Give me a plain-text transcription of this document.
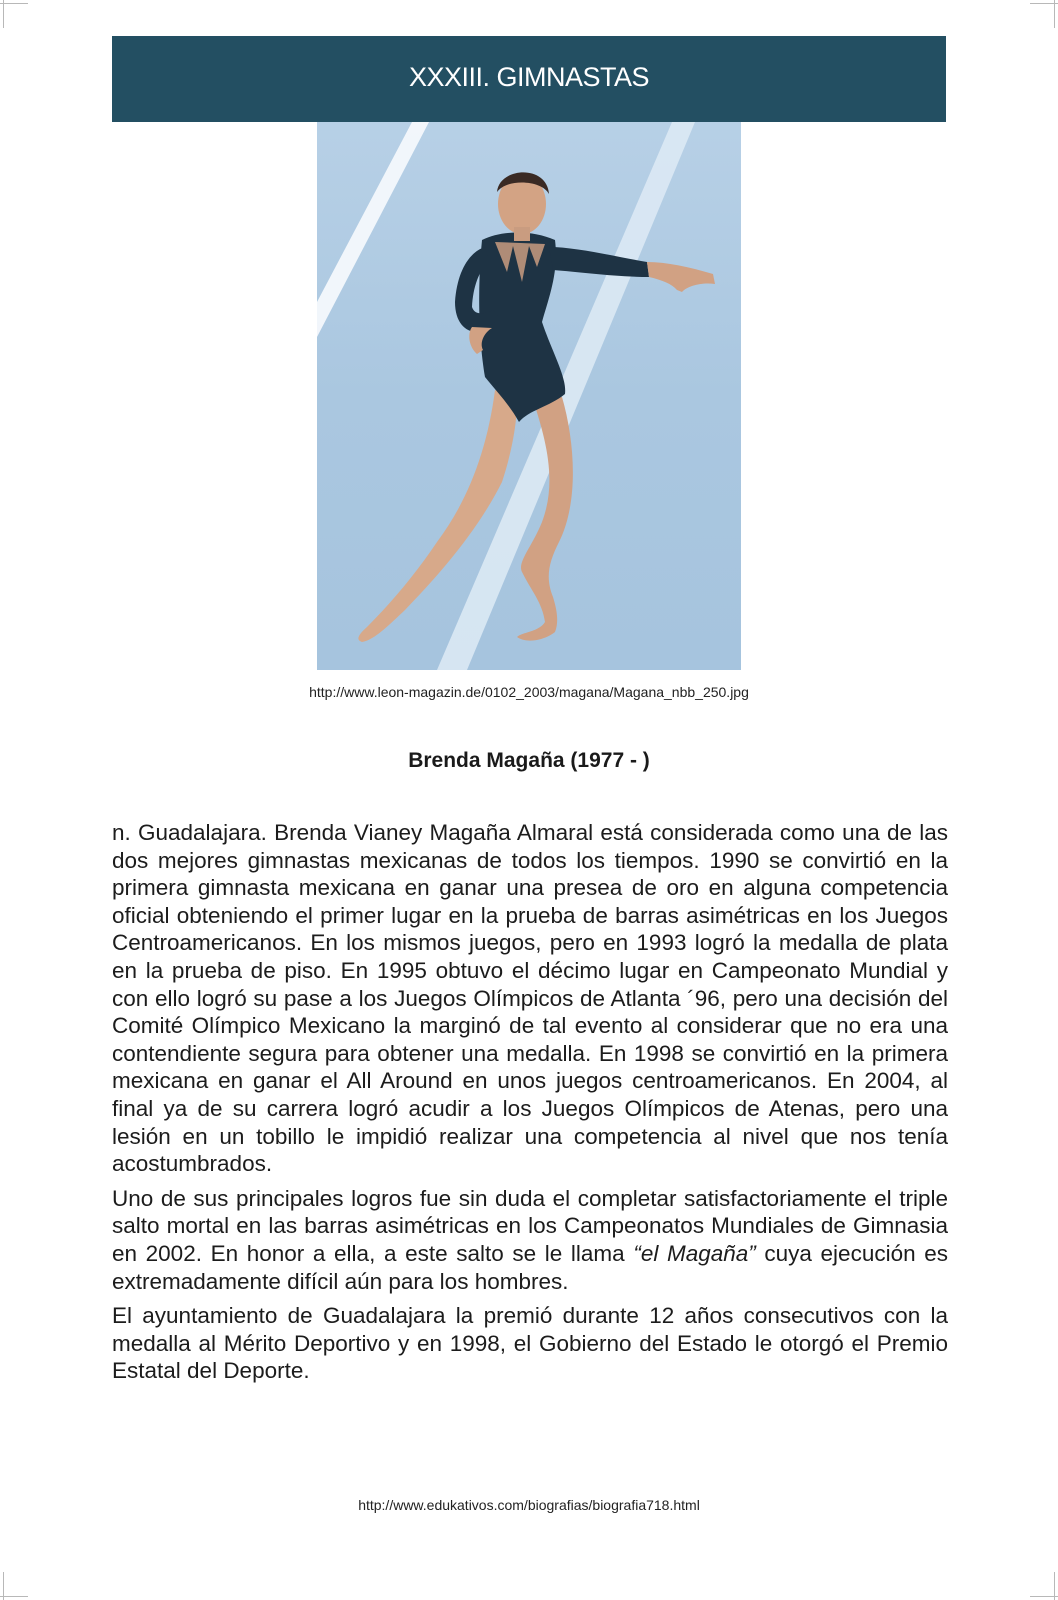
XXXIII. GIMNASTAS
http://www.leon-magazin.de/0102_2003/magana/Magana_nbb_250.jpg
Brenda Magaña (1977 - )

n. Guadalajara. Brenda Vianey Magaña Almaral está considerada como una de las dos mejores gimnastas mexicanas de todos los tiempos. 1990 se convirtió en la primera gimnasta mexicana en ganar una presea de oro en alguna competencia oficial obteniendo el primer lugar en la prueba de barras asimétricas en los Juegos Centroamericanos. En los mismos juegos, pero en 1993 logró la medalla de plata en la prueba de piso. En 1995 obtuvo el décimo lugar en Campeonato Mundial y con ello logró su pase a los Juegos Olímpicos de Atlanta ´96, pero una decisión del Comité Olímpico Mexicano la marginó de tal evento al considerar que no era una contendiente segura para obtener una medalla. En 1998 se convirtió en la primera mexicana en ganar el All Around en unos juegos centroamericanos. En 2004, al final ya de su carrera logró acudir a los Juegos Olímpicos de Atenas, pero una lesión en un tobillo le impidió realizar una competencia al nivel que nos tenía acostumbrados.

Uno de sus principales logros fue sin duda el completar satisfactoriamente el triple salto mortal en las barras asimétricas en los Campeonatos Mundiales de Gimnasia en 2002. En honor a ella, a este salto se le llama “el Magaña” cuya ejecución es extremadamente difícil aún para los hombres.

El ayuntamiento de Guadalajara la premió durante 12 años consecutivos con la medalla al Mérito Deportivo y en 1998, el Gobierno del Estado le otorgó el Premio Estatal del Deporte.

http://www.edukativos.com/biografias/biografia718.html
